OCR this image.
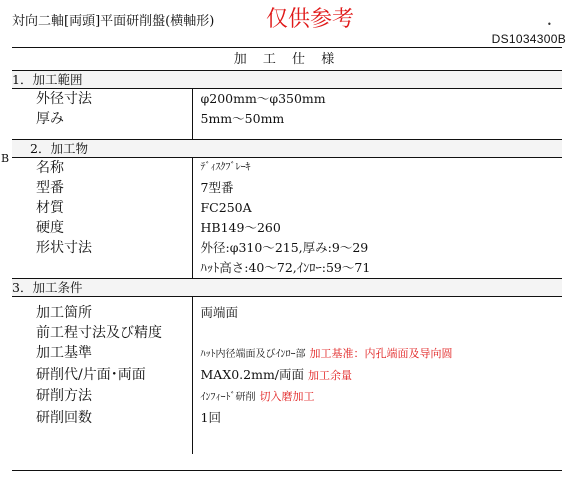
対向二軸[両頭]平面研削盤(横軸形) 仅供参考	•
DS1034300B
加 工 仕 様	
1．加工範囲	
外径寸法	φ200mm～φ350mm
厚み	5mm～50mm
2．加工物	
名称	ﾃﾞｨｽｸﾌﾞﾚｰｷ
型番	7型番
材質	FC250A
硬度	HB149～260
形状寸法	外径:φ310～215,厚み:9～29
	ﾊｯﾄ高さ:40～72,ｲﾝﾛｰ:59～71
3．加工条件	
加工箇所	両端面
前工程寸法及び精度	
加工基準	ﾊｯﾄ内径端面及びｲﾝﾛｰ部 加工基准：内孔端面及导向圆
研削代/片面･両面	MAX0.2mm/両面 加工余量
研削方法	ｲﾝﾌｨｰﾄﾞ研削 切入磨加工
研削回数	1回
B
